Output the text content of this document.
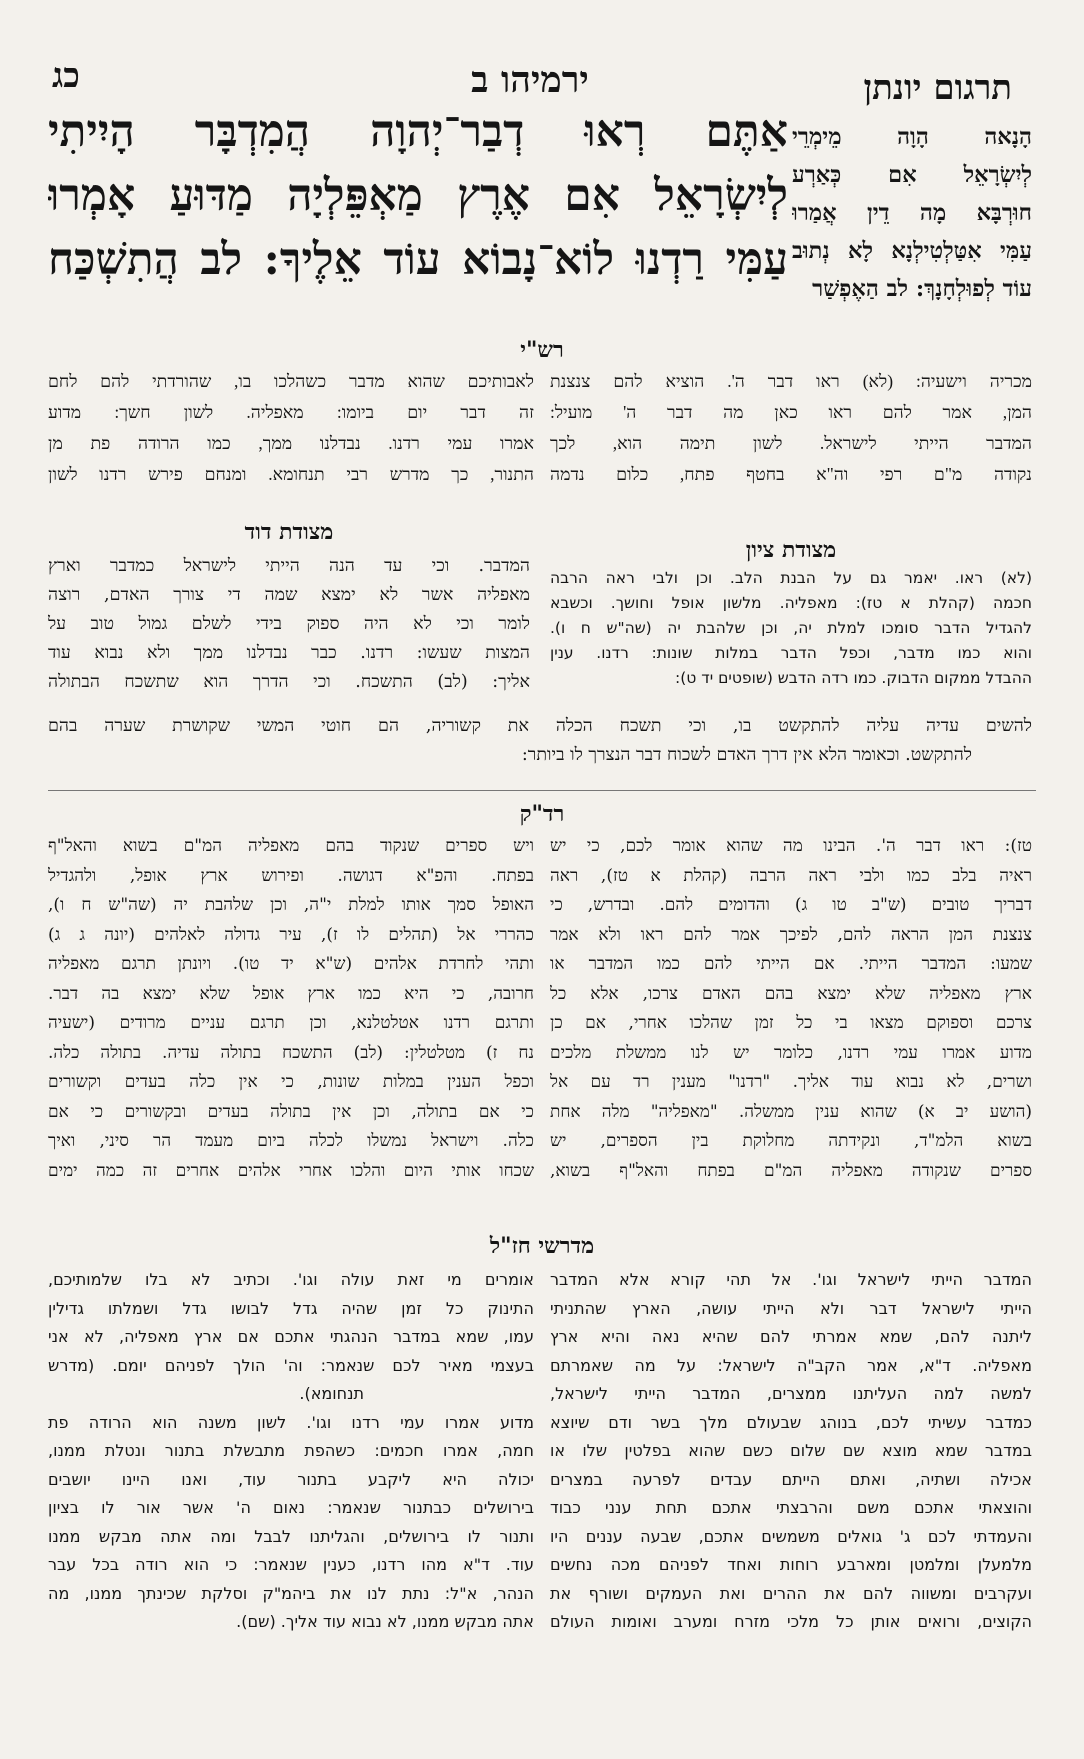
תרגום יונתן
ירמיהו ב
כג
הָנָאה הָוָה מֵימְרֵי
לְיִשְׂרָאֵל אִם כְּאַרְע
חוּרְבָּא מָה דֵין אֲמַרוּ
עַמִּי אִטַּלְטִילְנָא לָא נְתוּב
עוֹד לְפוּלְחָנָךְ: לב הַאֶפְשַׁר
אַתֶּם רְאוּ דְבַר־יְהוָה הֲמִדְבָּר הָיִיתִי
לְיִשְׂרָאֵל אִם אֶרֶץ מַאְפֵּלְיָה מַדּוּעַ אָמְרוּ
עַמִּי רַדְנוּ לוֹא־נָבוֹא עוֹד אֵלֶיךָ: לב הֲתִשְׁכַּח
רש"י
מכריה וישעיה: (לא) ראו דבר ה'. הוציא להם צנצנת
המן, אמר להם ראו כאן מה דבר ה' מועיל:
המדבר הייתי לישראל. לשון תימה הוא, לכך
נקודה מ"ם רפי וה"א בחטף פתח, כלום נדמה
לאבותיכם שהוא מדבר כשהלכו בו, שהורדתי להם לחם
זה דבר יום ביומו: מאפליה. לשון חשך: מדוע
אמרו עמי רדנו. נבדלנו ממך, כמו הרודה פת מן
התנור, כך מדרש רבי תנחומא. ומנחם פירש רדנו לשון
מצודת ציון
(לא) ראו. יאמר גם על הבנת הלב. וכן ולבי ראה הרבה
חכמה (קהלת א טז): מאפליה. מלשון אופל וחושך. וכשבא
להגדיל הדבר סומכו למלת יה, וכן שלהבת יה (שה"ש ח ו).
והוא כמו מדבר, וכפל הדבר במלות שונות: רדנו. ענין
ההבדל ממקום הדבוק. כמו רדה הדבש (שופטים יד ט):
מצודת דוד
המדבר. וכי עד הנה הייתי לישראל כמדבר וארץ
מאפליה אשר לא ימצא שמה די צורך האדם, רוצה
לומר וכי לא היה ספוק בידי לשלם גמול טוב על
המצות שעשו: רדנו. כבר נבדלנו ממך ולא נבוא עוד
אליך: (לב) התשכח. וכי הדרך הוא שתשכח הבתולה
להשים עדיה עליה להתקשט בו, וכי תשכח הכלה את קשוריה, הם חוטי המשי שקושרת שערה בהם
להתקשט. וכאומר הלא אין דרך האדם לשכוח דבר הנצרך לו ביותר:
רד"ק
טז): ראו דבר ה'. הבינו מה שהוא אומר לכם, כי יש
ראיה בלב כמו ולבי ראה הרבה (קהלת א טז), ראה
דבריך טובים (ש"ב טו ג) והדומים להם. ובדרש, כי
צנצנת המן הראה להם, לפיכך אמר להם ראו ולא אמר
שמעו: המדבר הייתי. אם הייתי להם כמו המדבר או
ארץ מאפליה שלא ימצא בהם האדם צרכו, אלא כל
צרכם וספוקם מצאו בי כל זמן שהלכו אחרי, אם כן
מדוע אמרו עמי רדנו, כלומר יש לנו ממשלת מלכים
ושרים, לא נבוא עוד אליך. "רדנו" מענין רד עם אל
(הושע יב א) שהוא ענין ממשלה. "מאפליה" מלה אחת
בשוא הלמ"ד, ונקידתה מחלוקת בין הספרים, יש
ספרים שנקודה מאפליה המ"ם בפתח והאל"ף בשוא,
ויש ספרים שנקוד בהם מאפליה המ"ם בשוא והאל"ף
בפתח. והפ"א דגושה. ופירוש ארץ אופל, ולהגדיל
האופל סמך אותו למלת י"ה, וכן שלהבת יה (שה"ש ח ו),
כהררי אל (תהלים לו ז), עיר גדולה לאלהים (יונה ג ג)
ותהי לחרדת אלהים (ש"א יד טו). ויונתן תרגם מאפליה
חרובה, כי היא כמו ארץ אופל שלא ימצא בה דבר.
ותרגם רדנו אטלטלנא, וכן תרגם עניים מרודים (ישעיה
נח ז) מטלטלין: (לב) התשכח בתולה עדיה. בתולה כלה.
וכפל הענין במלות שונות, כי אין כלה בעדים וקשורים
כי אם בתולה, וכן אין בתולה בעדים ובקשורים כי אם
כלה. וישראל נמשלו לכלה ביום מעמד הר סיני, ואיך
שכחו אותי היום והלכו אחרי אלהים אחרים זה כמה ימים
מדרשי חז"ל
המדבר הייתי לישראל וגו'. אל תהי קורא אלא המדבר
הייתי לישראל דבר ולא הייתי עושה, הארץ שהתניתי
ליתנה להם, שמא אמרתי להם שהיא נאה והיא ארץ
מאפליה. ד"א, אמר הקב"ה לישראל: על מה שאמרתם
למשה למה העליתנו ממצרים, המדבר הייתי לישראל,
כמדבר עשיתי לכם, בנוהג שבעולם מלך בשר ודם שיוצא
במדבר שמא מוצא שם שלום כשם שהוא בפלטין שלו או
אכילה ושתיה, ואתם הייתם עבדים לפרעה במצרים
והוצאתי אתכם משם והרבצתי אתכם תחת ענני כבוד
והעמדתי לכם ג' גואלים משמשים אתכם, שבעה עננים היו
מלמעלן ומלמטן ומארבע רוחות ואחד לפניהם מכה נחשים
ועקרבים ומשווה להם את ההרים ואת העמקים ושורף את
הקוצים, ורואים אותן כל מלכי מזרח ומערב ואומות העולם
אומרים מי זאת עולה וגו'. וכתיב לא בלו שלמותיכם,
התינוק כל זמן שהיה גדל לבושו גדל ושמלתו גדילין
עמו, שמא במדבר הנהגתי אתכם אם ארץ מאפליה, לא אני
בעצמי מאיר לכם שנאמר: וה' הולך לפניהם יומם. (מדרש
תנחומא).
מדוע אמרו עמי רדנו וגו'. לשון משנה הוא הרודה פת
חמה, אמרו חכמים: כשהפת מתבשלת בתנור ונטלת ממנו,
יכולה היא ליקבע בתנור עוד, ואנו היינו יושבים
בירושלים כבתנור שנאמר: נאום ה' אשר אור לו בציון
ותנור לו בירושלים, והגליתנו לבבל ומה אתה מבקש ממנו
עוד. ד"א מהו רדנו, כענין שנאמר: כי הוא רודה בכל עבר
הנהר, א"ל: נתת לנו את ביהמ"ק וסלקת שכינתך ממנו, מה
אתה מבקש ממנו, לא נבוא עוד אליך. (שם).
